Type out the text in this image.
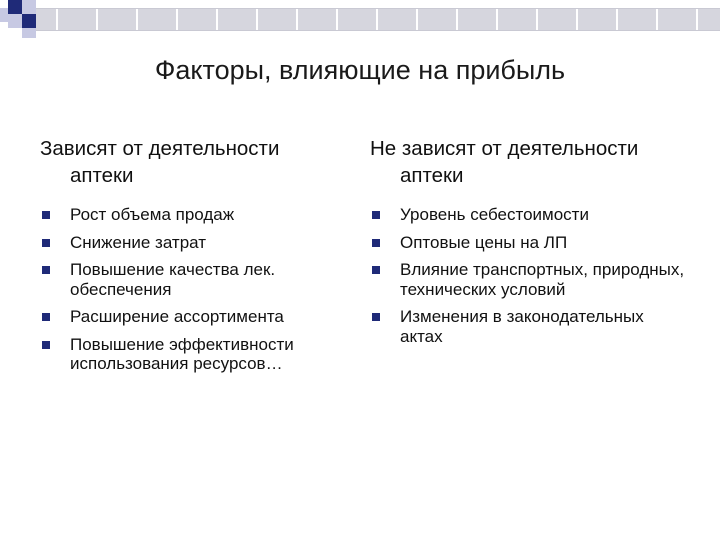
Факторы, влияющие на прибыль
Зависят от деятельности аптеки
Рост объема продаж
Снижение затрат
Повышение качества лек. обеспечения
Расширение ассортимента
Повышение эффективности использования ресурсов…
Не зависят от деятельности аптеки
Уровень себестоимости
Оптовые цены на ЛП
Влияние транспортных, природных, технических условий
Изменения в законодательных актах
